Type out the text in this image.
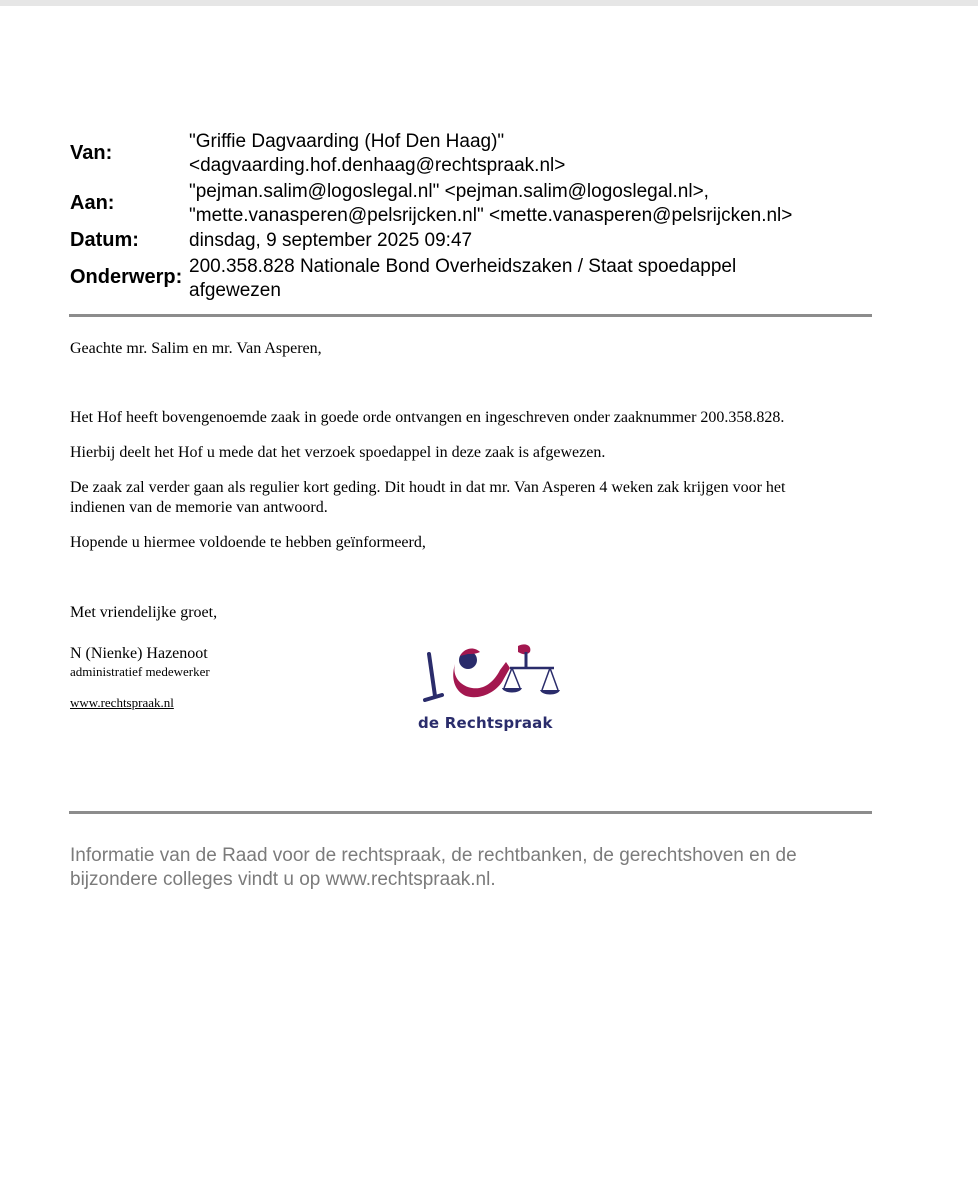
Van:
"Griffie Dagvaarding (Hof Den Haag)"
<dagvaarding.hof.denhaag@rechtspraak.nl>
Aan:
"pejman.salim@logoslegal.nl" <pejman.salim@logoslegal.nl>,
"mette.vanasperen@pelsrijcken.nl" <mette.vanasperen@pelsrijcken.nl>
Datum:	dinsdag, 9 september 2025 09:47
Onderwerp: 200.358.828 Nationale Bond Overheidszaken / Staat spoedappel
afgewezen

Geachte mr. Salim en mr. Van Asperen,

Het Hof heeft bovengenoemde zaak in goede orde ontvangen en ingeschreven onder zaaknummer 200.358.828.

Hierbij deelt het Hof u mede dat het verzoek spoedappel in deze zaak is afgewezen.

De zaak zal verder gaan als regulier kort geding. Dit houdt in dat mr. Van Asperen 4 weken zak krijgen voor het

indienen van de memorie van antwoord.

Hopende u hiermee voldoende te hebben geïnformeerd,

Met vriendelijke groet,

N (Nienke) Hazenoot
administratief medewerker
www.rechtspraak.nl
de Rechtspraak
Informatie van de Raad voor de rechtspraak, de rechtbanken, de gerechtshoven en de
bijzondere colleges vindt u op www.rechtspraak.nl.
